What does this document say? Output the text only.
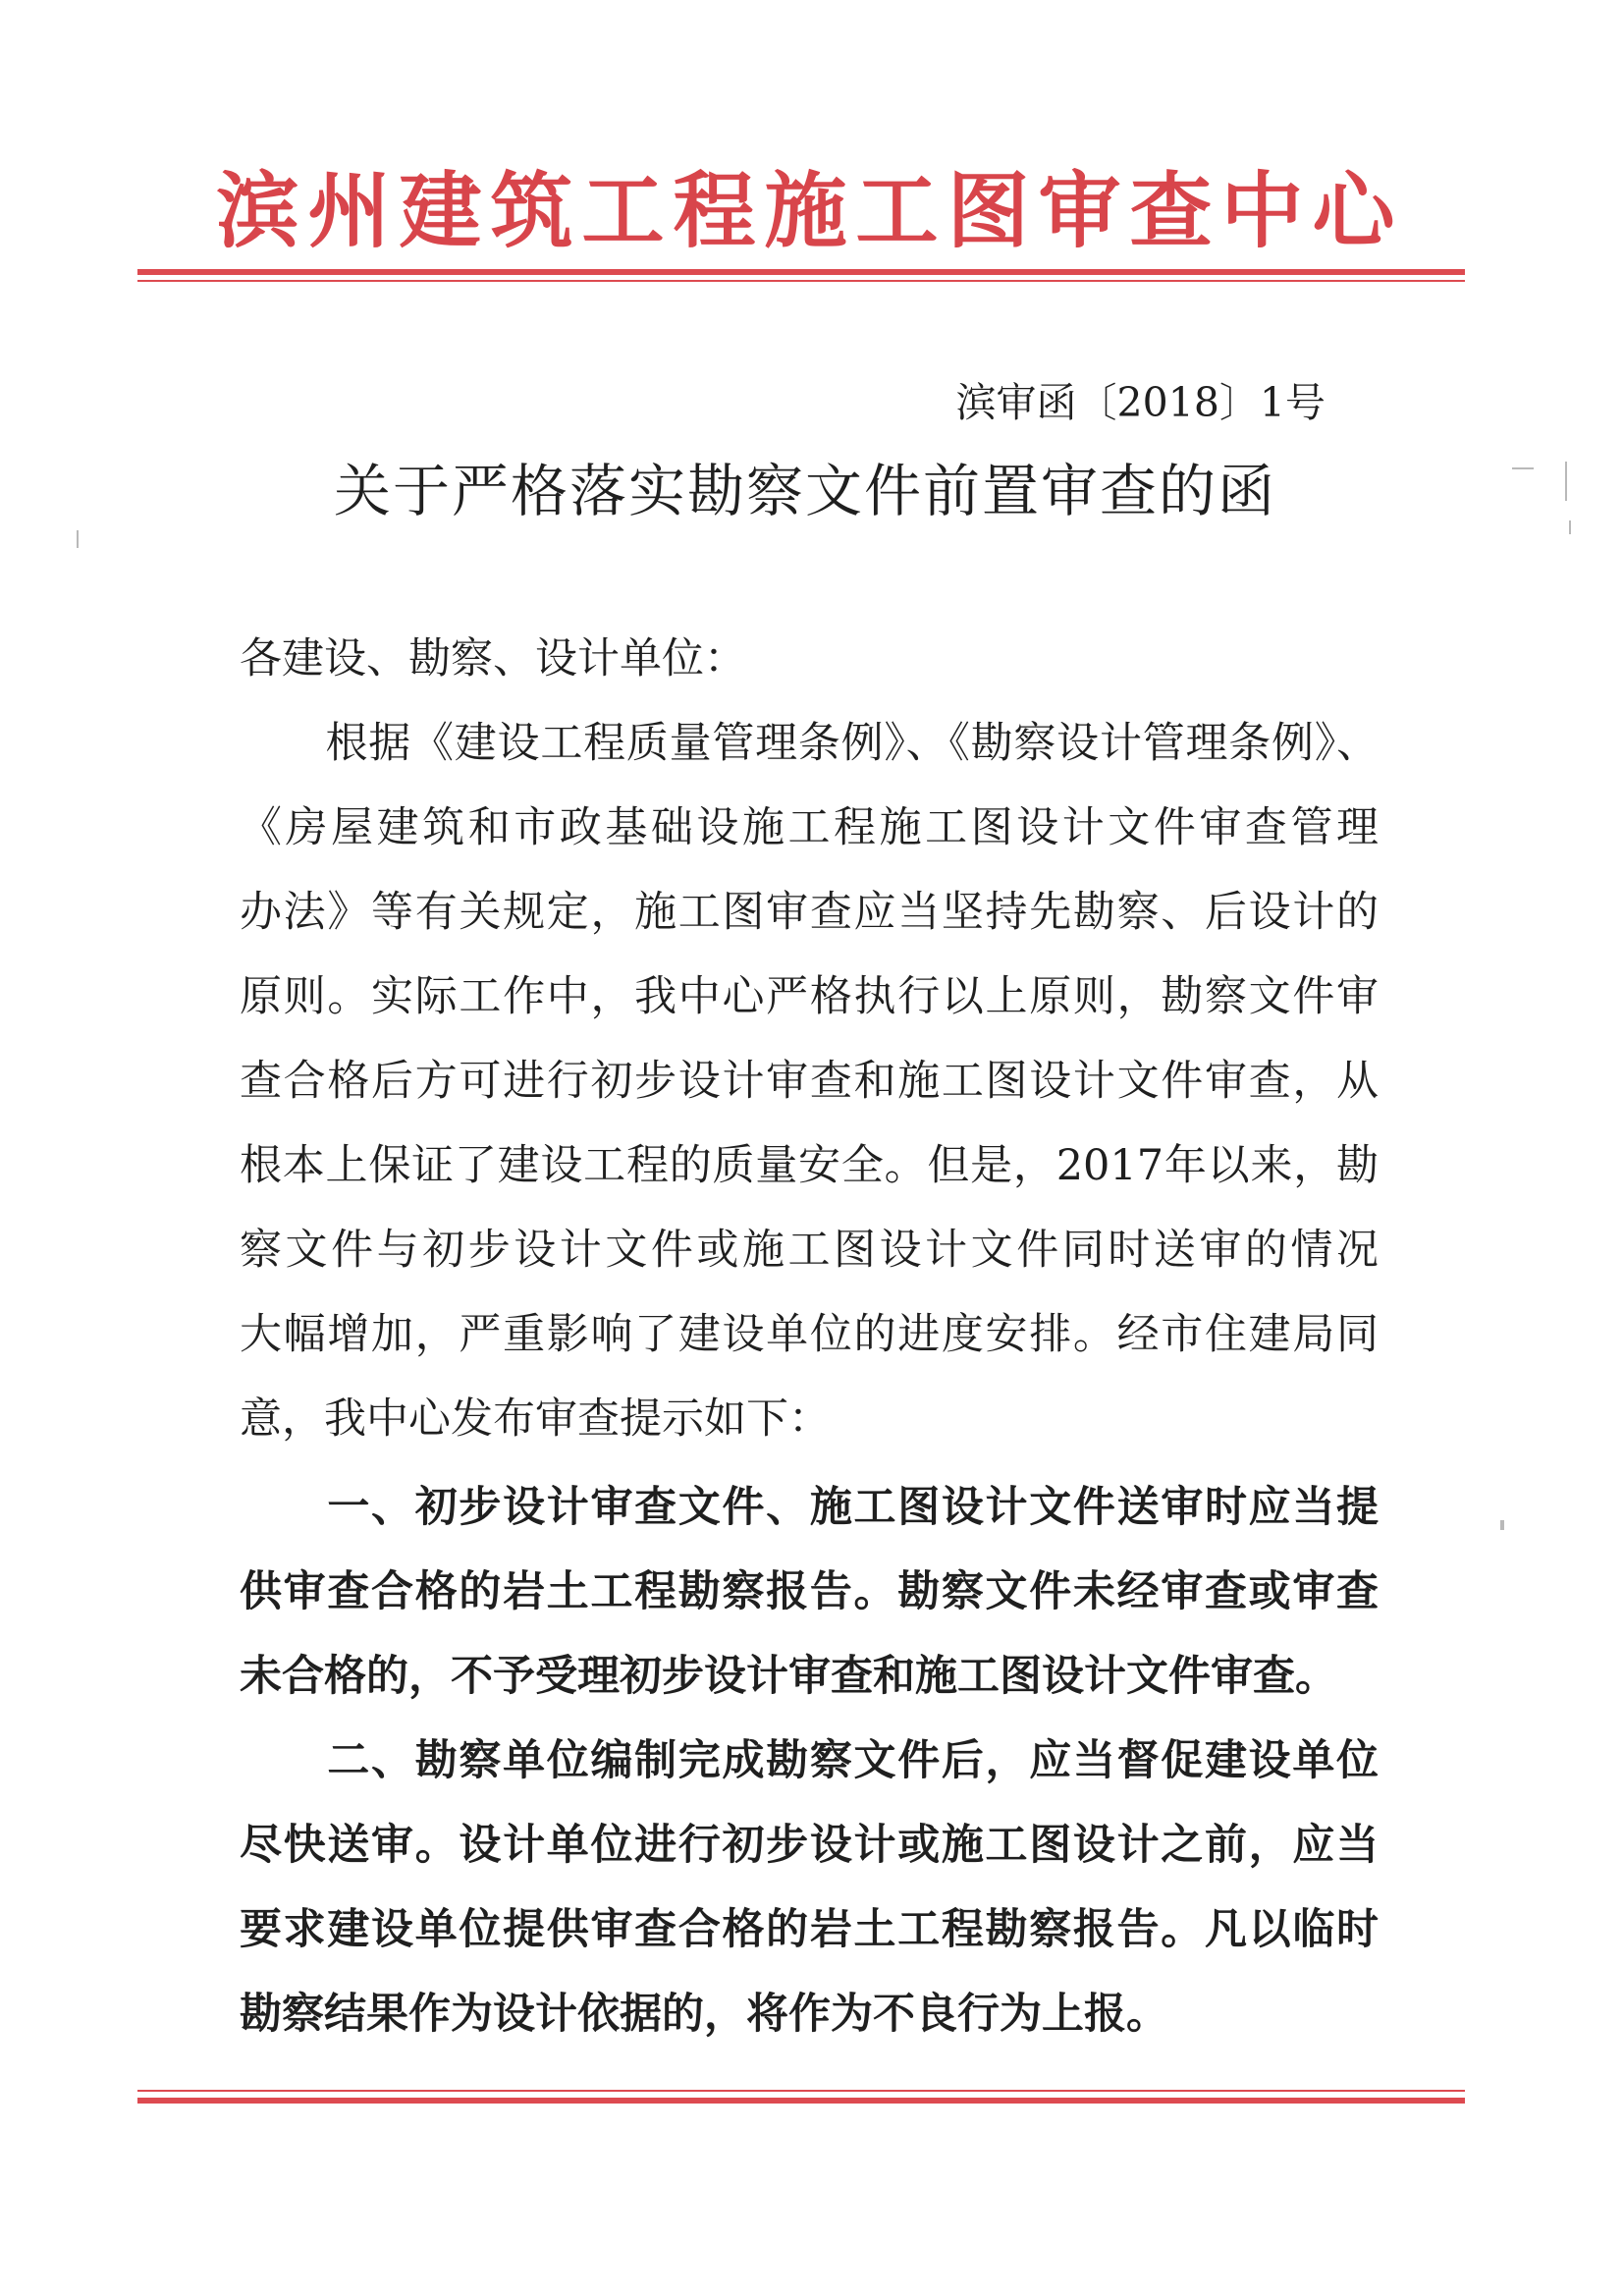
滨州建筑工程施工图审查中心
滨审函〔2018〕1号
关于严格落实勘察文件前置审查的函
各建设、勘察、设计单位：
　　根据《建设工程质量管理条例》、《勘察设计管理条例》、
《房屋建筑和市政基础设施工程施工图设计文件审查管理
办法》等有关规定，施工图审查应当坚持先勘察、后设计的
原则。实际工作中，我中心严格执行以上原则，勘察文件审
查合格后方可进行初步设计审查和施工图设计文件审查，从
根本上保证了建设工程的质量安全。但是，2017年以来，勘
察文件与初步设计文件或施工图设计文件同时送审的情况
大幅增加，严重影响了建设单位的进度安排。经市住建局同
意，我中心发布审查提示如下：
　　一、初步设计审查文件、施工图设计文件送审时应当提
供审查合格的岩土工程勘察报告。勘察文件未经审查或审查
未合格的，不予受理初步设计审查和施工图设计文件审查。
　　二、勘察单位编制完成勘察文件后，应当督促建设单位
尽快送审。设计单位进行初步设计或施工图设计之前，应当
要求建设单位提供审查合格的岩土工程勘察报告。凡以临时
勘察结果作为设计依据的，将作为不良行为上报。
